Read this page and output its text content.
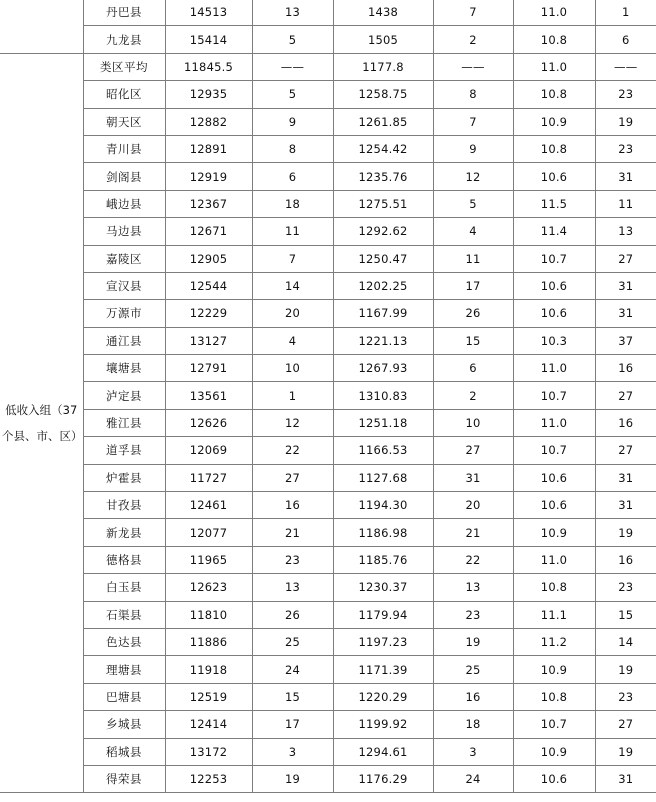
	丹巴县	14513	13	1438	7	11.0	1
	九龙县	15414	5	1505	2	10.8	6
低收入组（37个县、市、区）	类区平均	11845.5	——	1177.8	——	11.0	——
	昭化区	12935	5	1258.75	8	10.8	23
	朝天区	12882	9	1261.85	7	10.9	19
	青川县	12891	8	1254.42	9	10.8	23
	剑阁县	12919	6	1235.76	12	10.6	31
	峨边县	12367	18	1275.51	5	11.5	11
	马边县	12671	11	1292.62	4	11.4	13
	嘉陵区	12905	7	1250.47	11	10.7	27
	宣汉县	12544	14	1202.25	17	10.6	31
	万源市	12229	20	1167.99	26	10.6	31
	通江县	13127	4	1221.13	15	10.3	37
	壤塘县	12791	10	1267.93	6	11.0	16
	泸定县	13561	1	1310.83	2	10.7	27
	雅江县	12626	12	1251.18	10	11.0	16
	道孚县	12069	22	1166.53	27	10.7	27
	炉霍县	11727	27	1127.68	31	10.6	31
	甘孜县	12461	16	1194.30	20	10.6	31
	新龙县	12077	21	1186.98	21	10.9	19
	德格县	11965	23	1185.76	22	11.0	16
	白玉县	12623	13	1230.37	13	10.8	23
	石渠县	11810	26	1179.94	23	11.1	15
	色达县	11886	25	1197.23	19	11.2	14
	理塘县	11918	24	1171.39	25	10.9	19
	巴塘县	12519	15	1220.29	16	10.8	23
	乡城县	12414	17	1199.92	18	10.7	27
	稻城县	13172	3	1294.61	3	10.9	19
	得荣县	12253	19	1176.29	24	10.6	31
